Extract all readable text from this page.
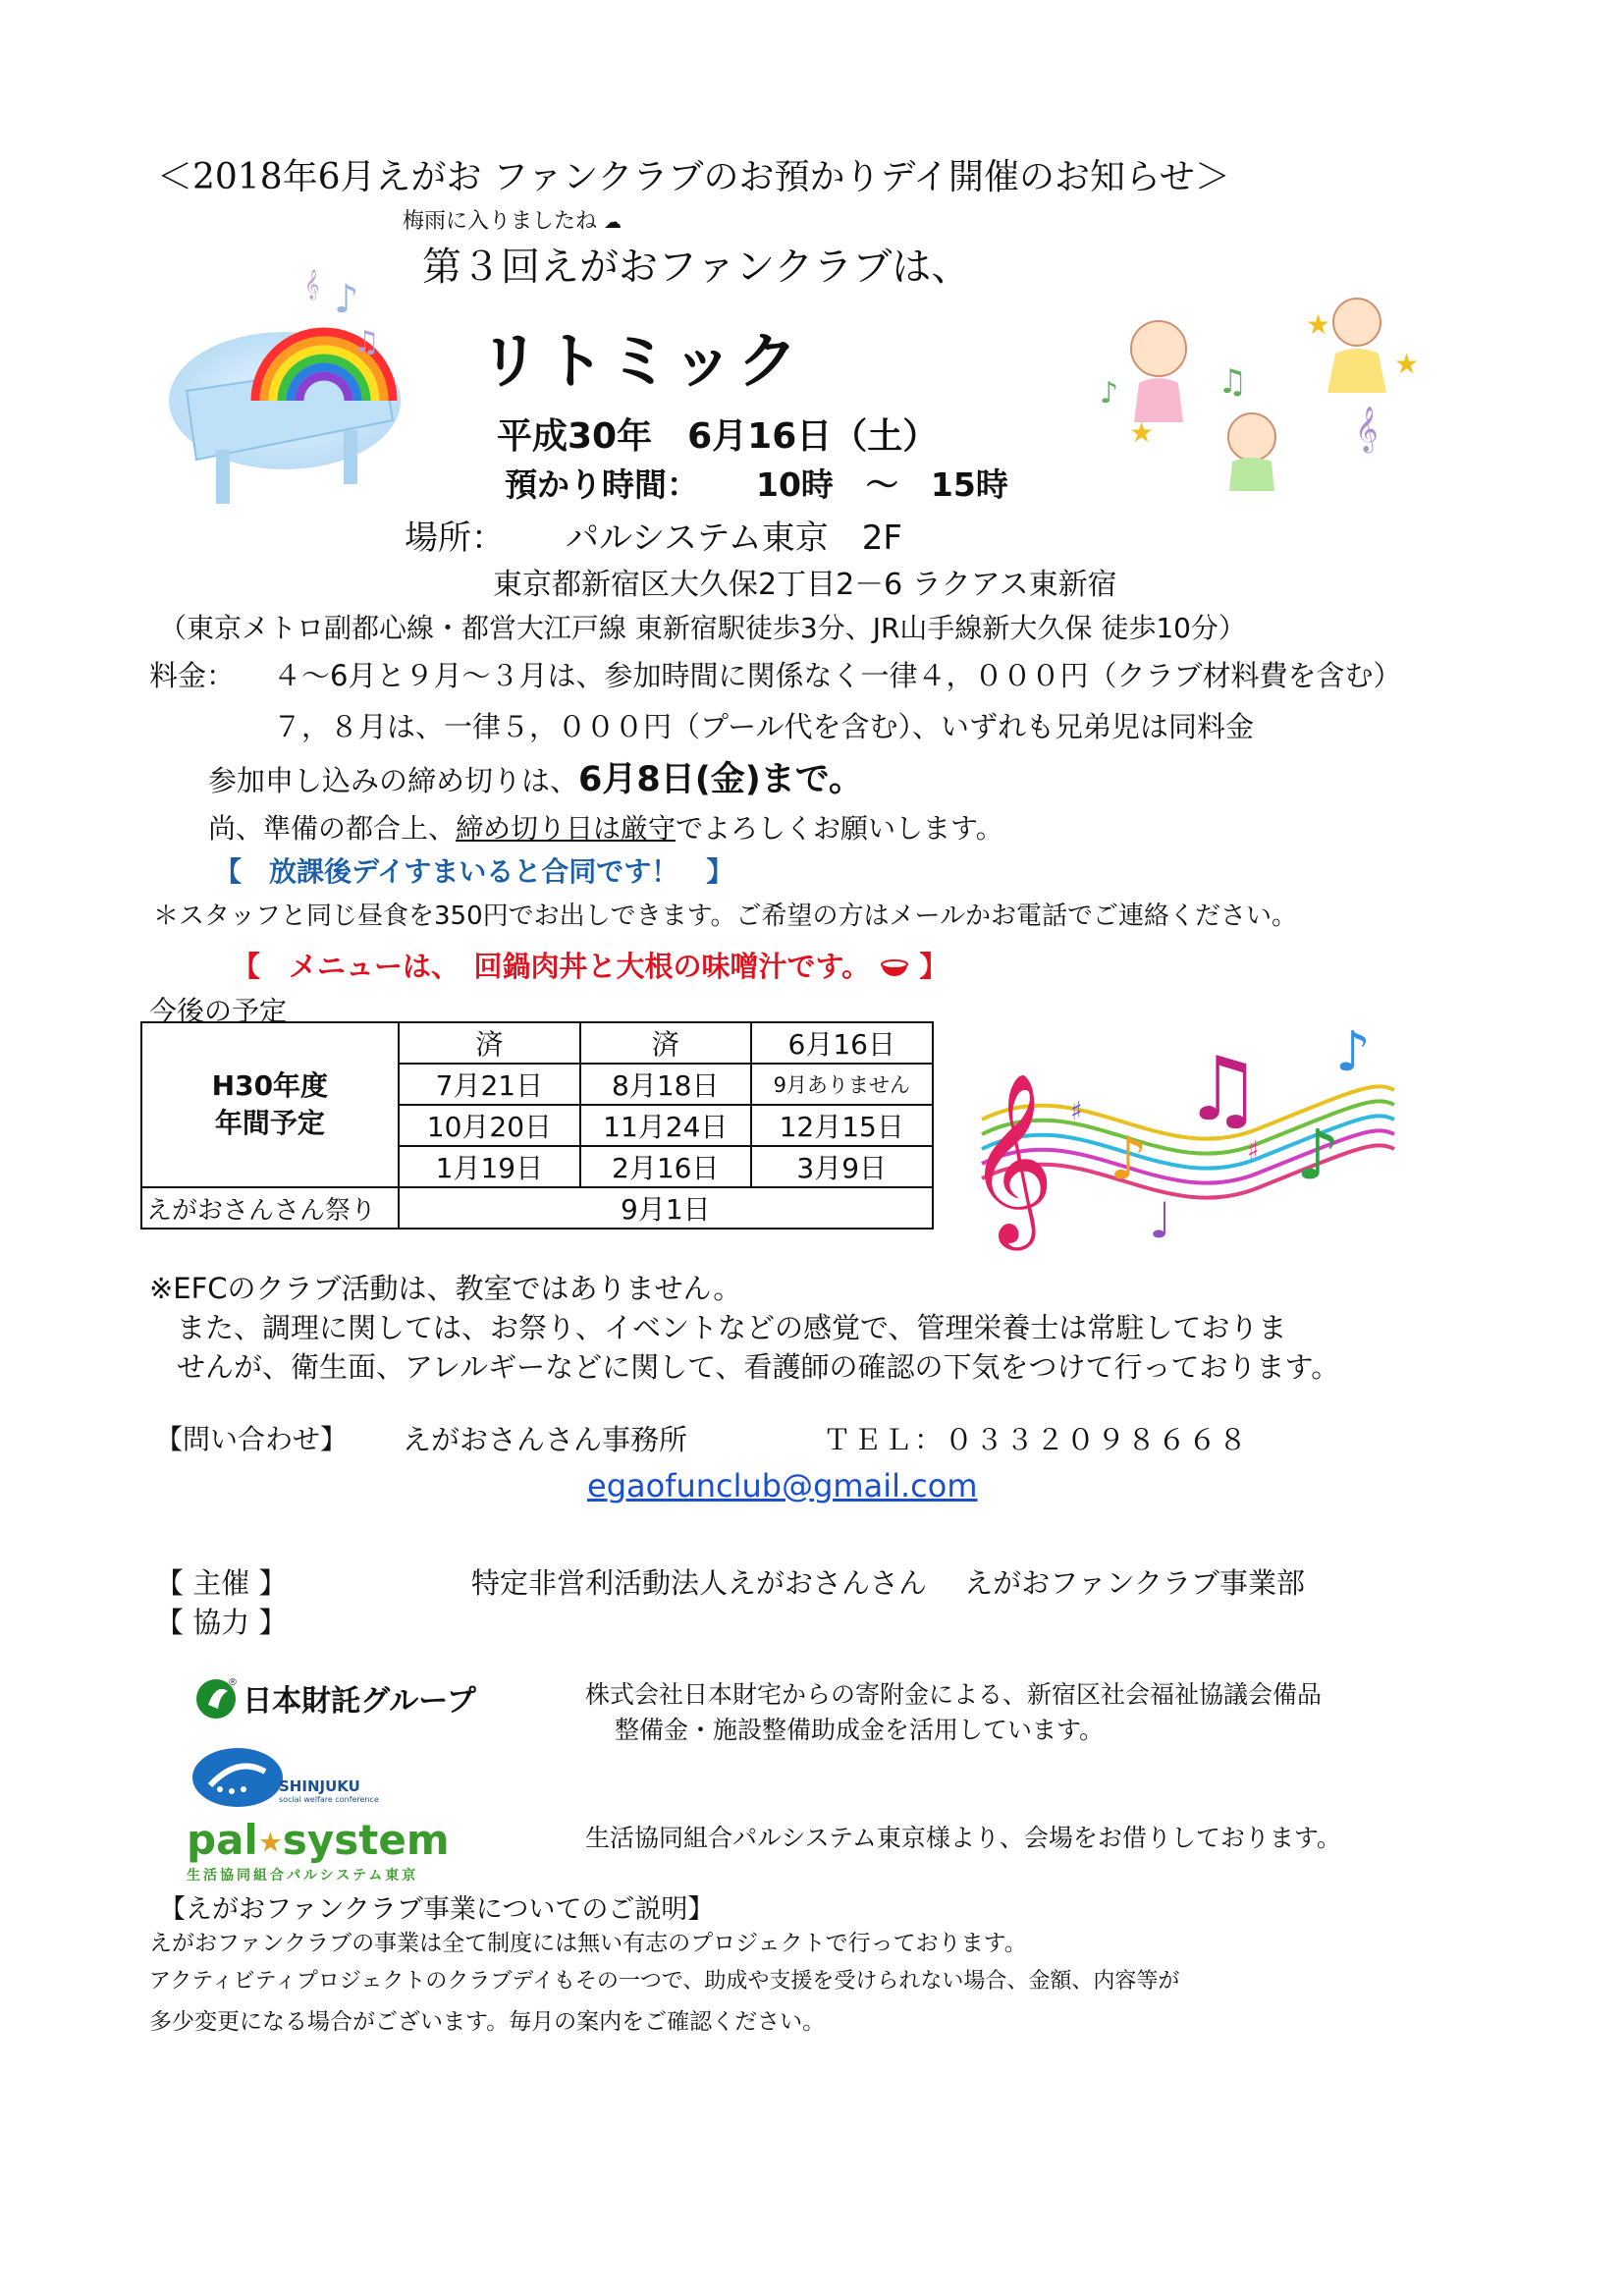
＜2018年6月えがお ファンクラブのお預かりデイ開催のお知らせ＞
梅雨に入りましたね ☁
第３回えがおファンクラブは、
リトミック
平成30年　6月16日（土）
預かり時間： 10時　～　15時
♪
♫
𝄞
★
★
★
♪	♫
𝄞
場所： パルシステム東京　2F
東京都新宿区大久保2丁目2－6 ラクアス東新宿
（東京メトロ副都心線・都営大江戸線 東新宿駅徒歩3分、JR山手線新大久保 徒歩10分）
料金： ４～6月と９月～３月は、参加時間に関係なく一律４，０００円（クラブ材料費を含む）
７，８月は、一律５，０００円（プール代を含む）、いずれも兄弟児は同料金
参加申し込みの締め切りは、6月8日(金)まで。
尚、準備の都合上、締め切り日は厳守でよろしくお願いします。
【　放課後デイすまいると合同です！　】
＊スタッフと同じ昼食を350円でお出しできます。ご希望の方はメールかお電話でご連絡ください。
【　メニューは、　回鍋肉丼と大根の味噌汁です。 】
今後の予定
H30年度
年間予定	済	済	6月16日
	7月21日	8月18日	9月ありません
	10月20日	11月24日	12月15日
	1月19日	2月16日	3月9日
えがおさんさん祭り	9月1日		𝄞 ♪
♫
♪
♩
♯
♯
♪
※EFCのクラブ活動は、教室ではありません。
また、調理に関しては、お祭り、イベントなどの感覚で、管理栄養士は常駐しておりま
せんが、衛生面、アレルギーなどに関して、看護師の確認の下気をつけて行っております。
【問い合わせ】 えがおさんさん事務所	ＴＥＬ：０３３２０９８６６８
egaofunclub@gmail.com
【 主催 】	特定非営利活動法人えがおさんさん　 えがおファンクラブ事業部
【 協力 】
®
日本財託グループ	株式会社日本財宅からの寄附金による、新宿区社会福祉協議会備品
整備金・施設整備助成金を活用しています。
SHINJUKU
social welfare conference
pal★system
生活協同組合パルシステム東京
生活協同組合パルシステム東京様より、会場をお借りしております。
【えがおファンクラブ事業についてのご説明】
えがおファンクラブの事業は全て制度には無い有志のプロジェクトで行っております。
アクティビティプロジェクトのクラブデイもその一つで、助成や支援を受けられない場合、金額、内容等が
多少変更になる場合がございます。毎月の案内をご確認ください。
